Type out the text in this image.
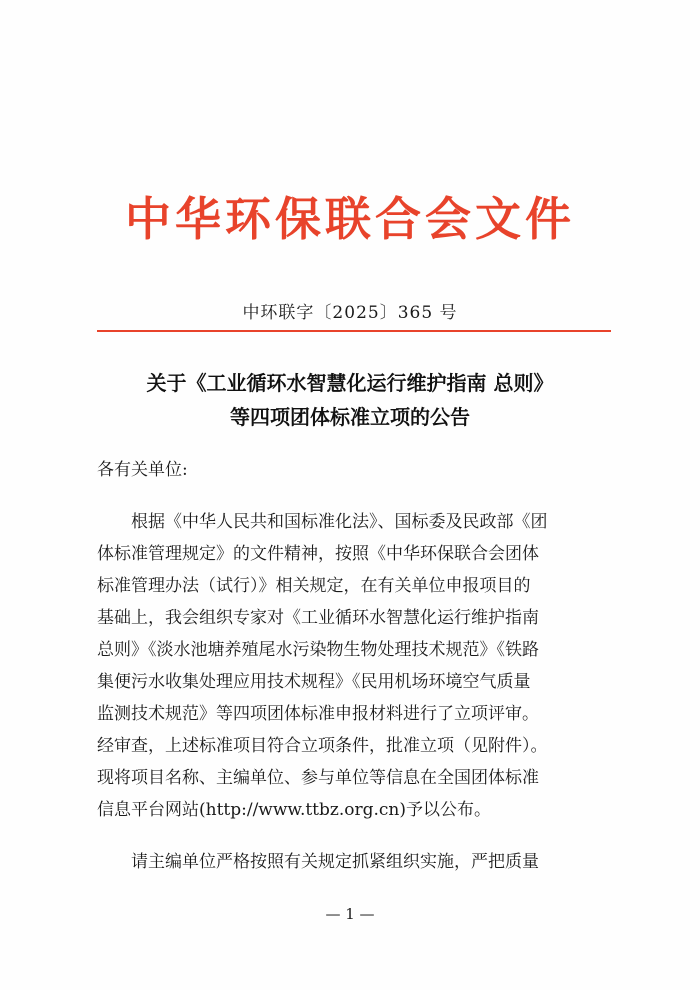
中华环保联合会文件
中环联字〔2025〕365 号
关于《工业循环水智慧化运行维护指南 总则》
等四项团体标准立项的公告
各有关单位:
根据《中华人民共和国标准化法》、国标委及民政部《团
体标准管理规定》的文件精神，按照《中华环保联合会团体
标准管理办法（试行）》相关规定，在有关单位申报项目的
基础上，我会组织专家对《工业循环水智慧化运行维护指南
总则》《淡水池塘养殖尾水污染物生物处理技术规范》《铁路
集便污水收集处理应用技术规程》《民用机场环境空气质量
监测技术规范》等四项团体标准申报材料进行了立项评审。
经审查，上述标准项目符合立项条件，批准立项（见附件）。
现将项目名称、主编单位、参与单位等信息在全国团体标准
信息平台网站(http://www.ttbz.org.cn)予以公布。
请主编单位严格按照有关规定抓紧组织实施，严把质量
— 1 —
